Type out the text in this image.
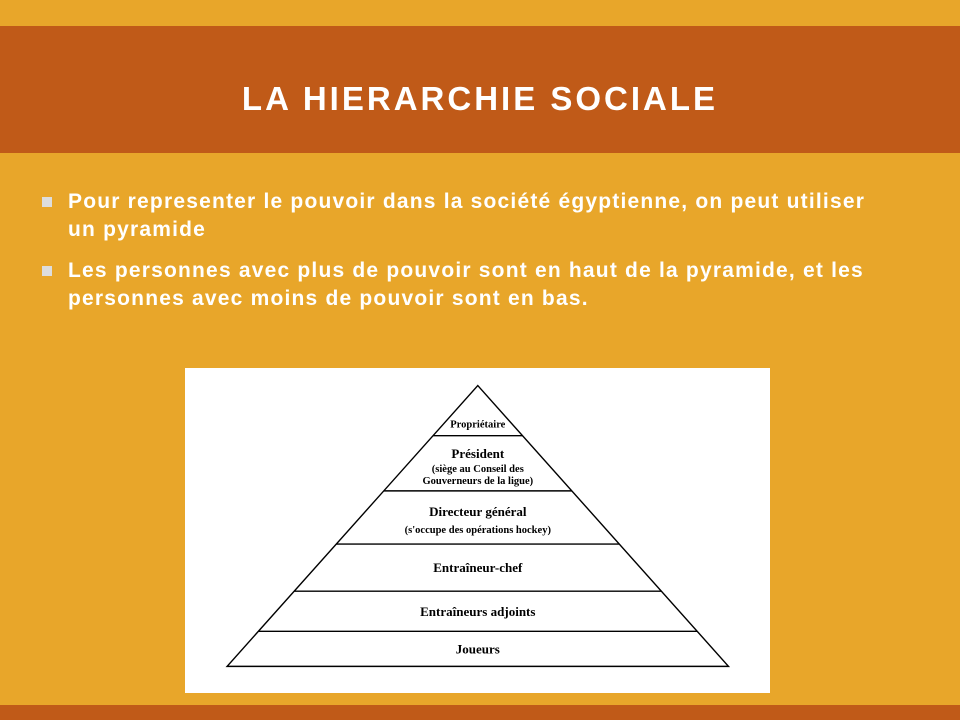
LA HIERARCHIE SOCIALE
Pour representer le pouvoir dans la société égyptienne, on peut utiliser un pyramide
Les personnes avec plus de pouvoir sont en haut de la pyramide, et les personnes avec moins de pouvoir sont en bas.
Propriétaire
Président
(siège au Conseil des
Gouverneurs de la ligue)
Directeur général
(s'occupe des opérations hockey)
Entraîneur-chef
Entraîneurs adjoints
Joueurs
